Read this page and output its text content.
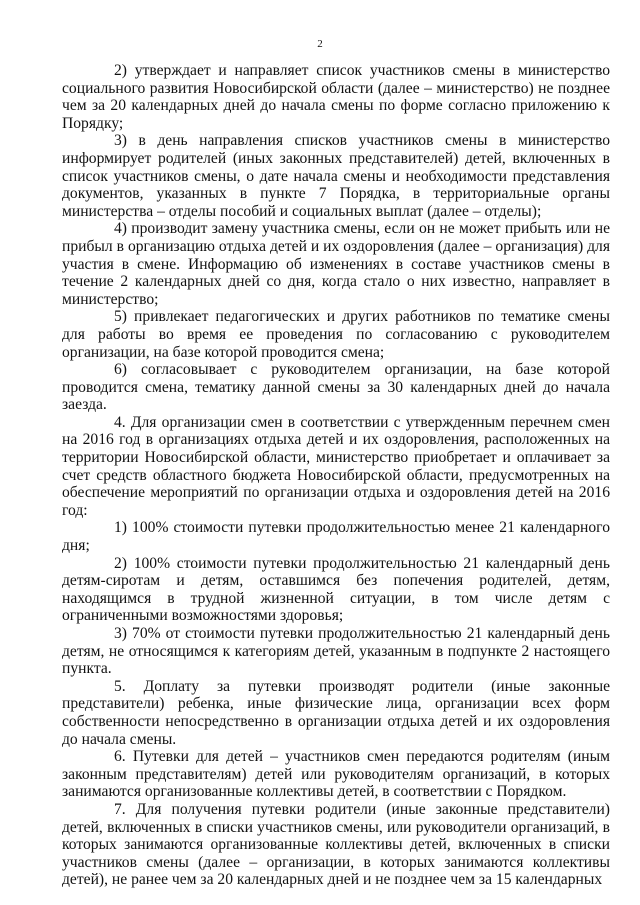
2

2) утверждает и направляет список участников смены в министерство социального развития Новосибирской области (далее – министерство) не позднее чем за 20 календарных дней до начала смены по форме согласно приложению к Порядку;

3) в день направления списков участников смены в министерство информирует родителей (иных законных представителей) детей, включенных в список участников смены, о дате начала смены и необходимости представления документов, указанных в пункте 7 Порядка, в территориальные органы министерства – отделы пособий и социальных выплат (далее – отделы);

4) производит замену участника смены, если он не может прибыть или не прибыл в организацию отдыха детей и их оздоровления (далее – организация) для участия в смене. Информацию об изменениях в составе участников смены в течение 2 календарных дней со дня, когда стало о них известно, направляет в министерство;

5) привлекает педагогических и других работников по тематике смены для работы во время ее проведения по согласованию с руководителем организации, на базе которой проводится смена;

6) согласовывает с руководителем организации, на базе которой проводится смена, тематику данной смены за 30 календарных дней до начала заезда.

4. Для организации смен в соответствии с утвержденным перечнем смен на 2016 год в организациях отдыха детей и их оздоровления, расположенных на территории Новосибирской области, министерство приобретает и оплачивает за счет средств областного бюджета Новосибирской области, предусмотренных на обеспечение мероприятий по организации отдыха и оздоровления детей на 2016 год:

1) 100% стоимости путевки продолжительностью менее 21 календарного дня;

2) 100% стоимости путевки продолжительностью 21 календарный день детям-сиротам и детям, оставшимся без попечения родителей, детям, находящимся в трудной жизненной ситуации, в том числе детям с ограниченными возможностями здоровья;

3) 70% от стоимости путевки продолжительностью 21 календарный день детям, не относящимся к категориям детей, указанным в подпункте 2 настоящего пункта.

5. Доплату за путевки производят родители (иные законные представители) ребенка, иные физические лица, организации всех форм собственности непосредственно в организации отдыха детей и их оздоровления до начала смены.

6. Путевки для детей – участников смен передаются родителям (иным законным представителям) детей или руководителям организаций, в которых занимаются организованные коллективы детей, в соответствии с Порядком.

7. Для получения путевки родители (иные законные представители) детей, включенных в списки участников смены, или руководители организаций, в которых занимаются организованные коллективы детей, включенных в списки участников смены (далее – организации, в которых занимаются коллективы детей), не ранее чем за 20 календарных дней и не позднее чем за 15 календарных
